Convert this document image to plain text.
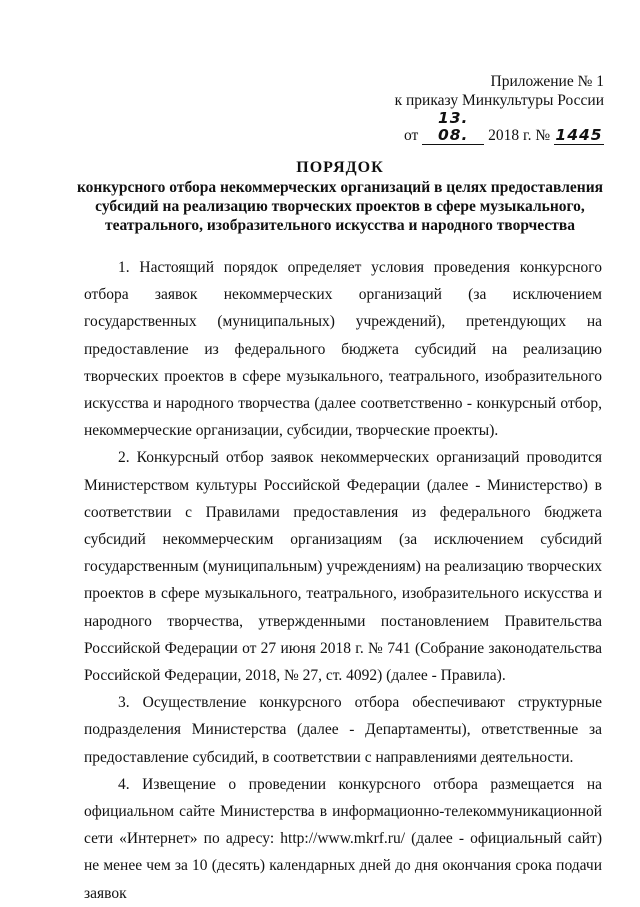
Приложение № 1
к приказу Минкультуры России
от 13. 08. 2018 г. № 1445
ПОРЯДОК
конкурсного отбора некоммерческих организаций в целях предоставления субсидий на реализацию творческих проектов в сфере музыкального, театрального, изобразительного искусства и народного творчества

1. Настоящий порядок определяет условия проведения конкурсного отбора заявок некоммерческих организаций (за исключением государственных (муниципальных) учреждений), претендующих на предоставление из федерального бюджета субсидий на реализацию творческих проектов в сфере музыкального, театрального, изобразительного искусства и народного творчества (далее соответственно - конкурсный отбор, некоммерческие организации, субсидии, творческие проекты).

2. Конкурсный отбор заявок некоммерческих организаций проводится Министерством культуры Российской Федерации (далее - Министерство) в соответствии с Правилами предоставления из федерального бюджета субсидий некоммерческим организациям (за исключением субсидий государственным (муниципальным) учреждениям) на реализацию творческих проектов в сфере музыкального, театрального, изобразительного искусства и народного творчества, утвержденными постановлением Правительства Российской Федерации от 27 июня 2018 г. № 741 (Собрание законодательства Российской Федерации, 2018, № 27, ст. 4092) (далее - Правила).

3. Осуществление конкурсного отбора обеспечивают структурные подразделения Министерства (далее - Департаменты), ответственные за предоставление субсидий, в соответствии с направлениями деятельности.

4. Извещение о проведении конкурсного отбора размещается на официальном сайте Министерства в информационно-телекоммуникационной сети «Интернет» по адресу: http://www.mkrf.ru/ (далее - официальный сайт) не менее чем за 10 (десять) календарных дней до дня окончания срока подачи заявок
